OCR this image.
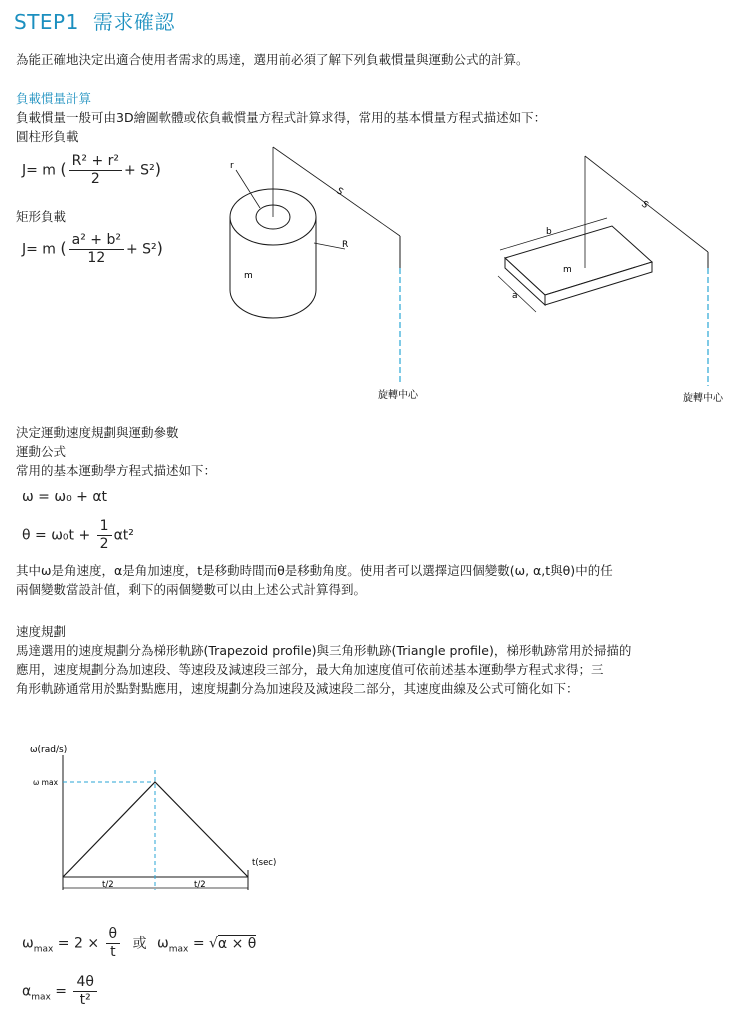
STEP1 需求確認
為能正確地決定出適合使用者需求的馬達，選用前必須了解下列負載慣量與運動公式的計算。
負載慣量計算
負載慣量一般可由3D繪圖軟體或依負載慣量方程式計算求得，常用的基本慣量方程式描述如下：
圓柱形負載
J= m ( $\frac{\text{R² + r²}}{2} + S^2$)
矩形負載
J= m ( $\frac{\text{a² + b²}}{12} + S^2$)
r
R
S
m
旋轉中心
b
a
S
m
旋轉中心
決定運動速度規劃與運動參數
運動公式
常用的基本運動學方程式描述如下：
ω = ω₀ + αt
$\theta = \omega_0t + \frac{1}{2} \alpha t^2$
其中ω是角速度，α是角加速度，t是移動時間而θ是移動角度。使用者可以選擇這四個變數(ω, α,t與θ)中的任
兩個變數當設計值，剩下的兩個變數可以由上述公式計算得到。
速度規劃
馬達選用的速度規劃分為梯形軌跡(Trapezoid profile)與三角形軌跡(Triangle profile)，梯形軌跡常用於掃描的
應用，速度規劃分為加速段、等速段及減速段三部分，最大角加速度值可依前述基本運動學方程式求得；三
角形軌跡通常用於點對點應用，速度規劃分為加速段及減速段二部分，其速度曲線及公式可簡化如下：
ω(rad/s)
ω max
t/2	t/2
t(sec)
$\omega_{max} = 2 \times \frac{\theta}{t}$ 或 $\omega_{max} = √\alpha \times \theta$
$\alpha_{max} = \frac{4\theta}{\text{t²}}$
